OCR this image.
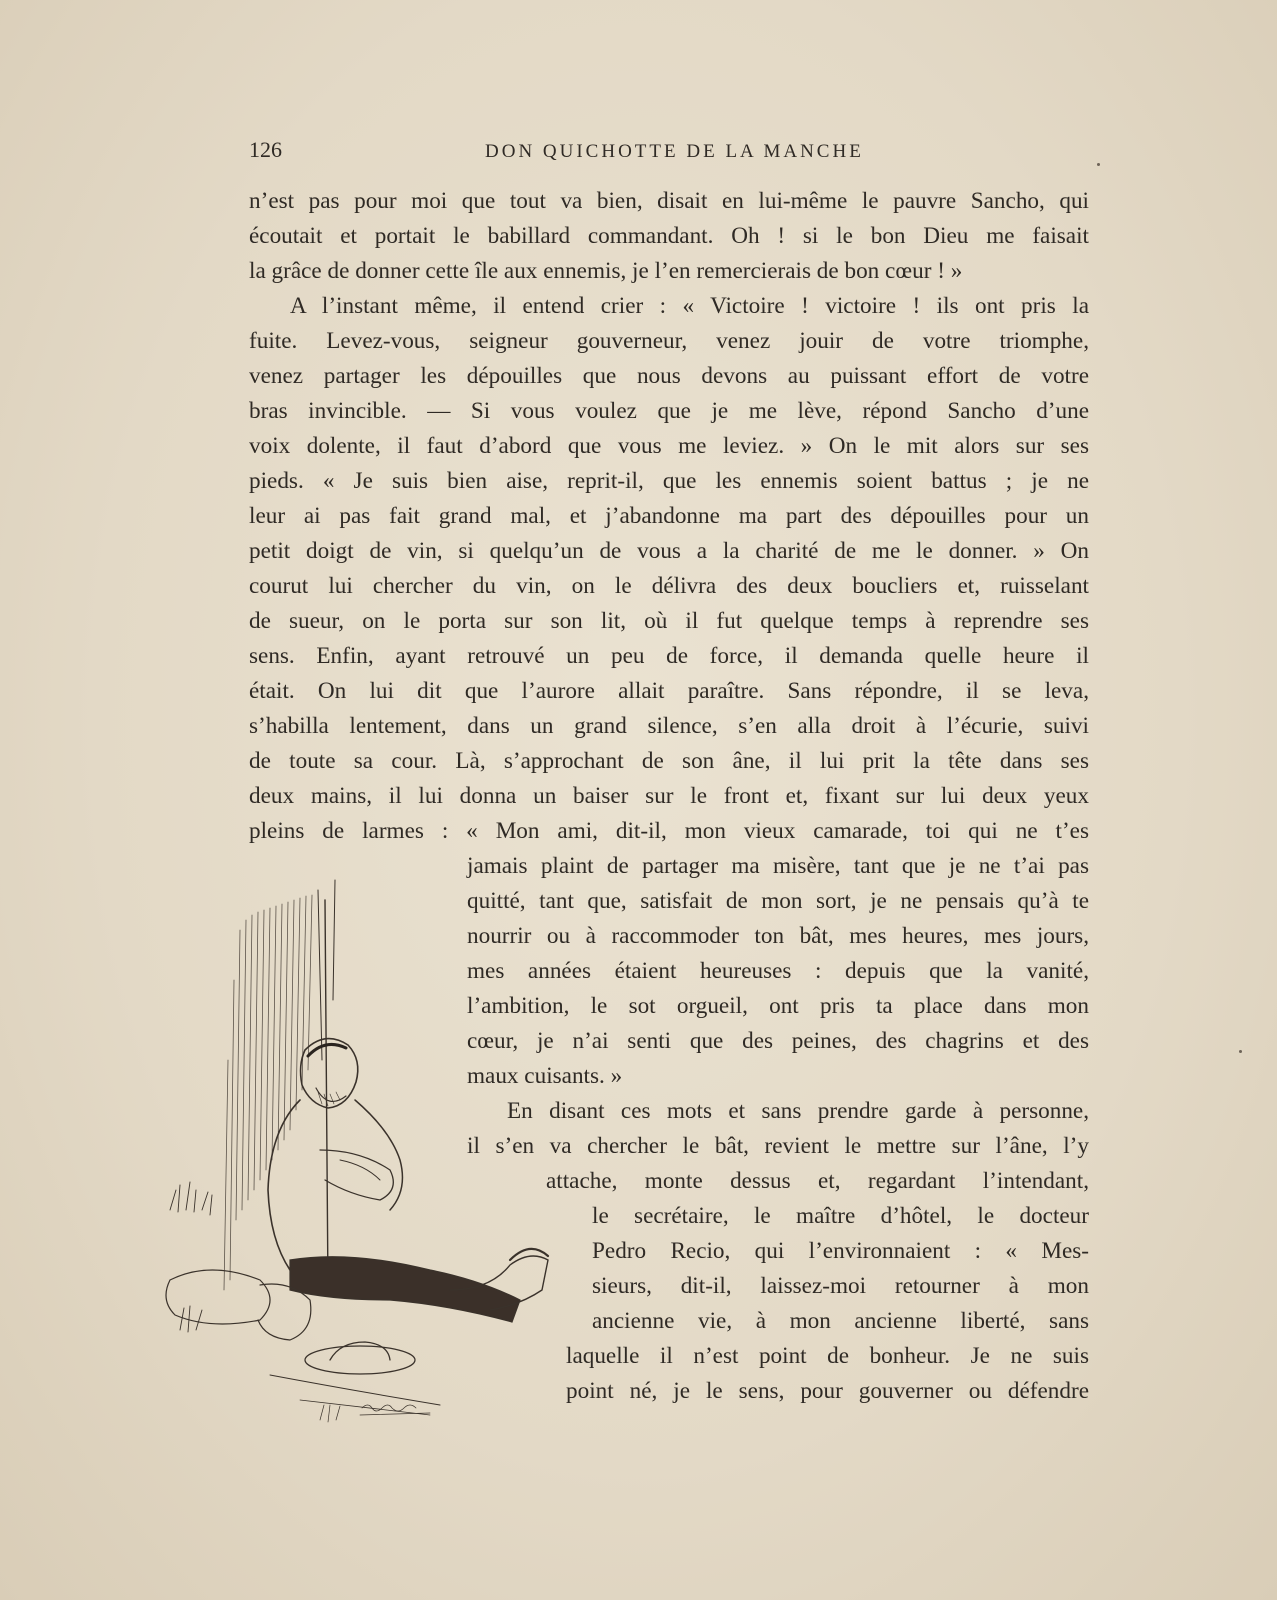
126	DON QUICHOTTE DE LA MANCHE
n’est pas pour moi que tout va bien, disait en lui-même le pauvre Sancho, qui
écoutait et portait le babillard commandant. Oh ! si le bon Dieu me faisait
la grâce de donner cette île aux ennemis, je l’en remercierais de bon cœur ! »
A l’instant même, il entend crier : « Victoire ! victoire ! ils ont pris la
fuite. Levez-vous, seigneur gouverneur, venez jouir de votre triomphe,
venez partager les dépouilles que nous devons au puissant effort de votre
bras invincible. — Si vous voulez que je me lève, répond Sancho d’une
voix dolente, il faut d’abord que vous me leviez. » On le mit alors sur ses
pieds. « Je suis bien aise, reprit-il, que les ennemis soient battus ; je ne
leur ai pas fait grand mal, et j’abandonne ma part des dépouilles pour un
petit doigt de vin, si quelqu’un de vous a la charité de me le donner. » On
courut lui chercher du vin, on le délivra des deux boucliers et, ruisselant
de sueur, on le porta sur son lit, où il fut quelque temps à reprendre ses
sens. Enfin, ayant retrouvé un peu de force, il demanda quelle heure il
était. On lui dit que l’aurore allait paraître. Sans répondre, il se leva,
s’habilla lentement, dans un grand silence, s’en alla droit à l’écurie, suivi
de toute sa cour. Là, s’approchant de son âne, il lui prit la tête dans ses
deux mains, il lui donna un baiser sur le front et, fixant sur lui deux yeux
pleins de larmes : « Mon ami, dit-il, mon vieux camarade, toi qui ne t’es
jamais plaint de partager ma misère, tant que je ne t’ai pas
quitté, tant que, satisfait de mon sort, je ne pensais qu’à te
nourrir ou à raccommoder ton bât, mes heures, mes jours,
mes années étaient heureuses : depuis que la vanité,
l’ambition, le sot orgueil, ont pris ta place dans mon
cœur, je n’ai senti que des peines, des chagrins et des
maux cuisants. »
En disant ces mots et sans prendre garde à personne,
il s’en va chercher le bât, revient le mettre sur l’âne, l’y
attache, monte dessus et, regardant l’intendant,
le secrétaire, le maître d’hôtel, le docteur
Pedro Recio, qui l’environnaient : « Mes-
sieurs, dit-il, laissez-moi retourner à mon
ancienne vie, à mon ancienne liberté, sans
laquelle il n’est point de bonheur. Je ne suis
point né, je le sens, pour gouverner ou défendre
